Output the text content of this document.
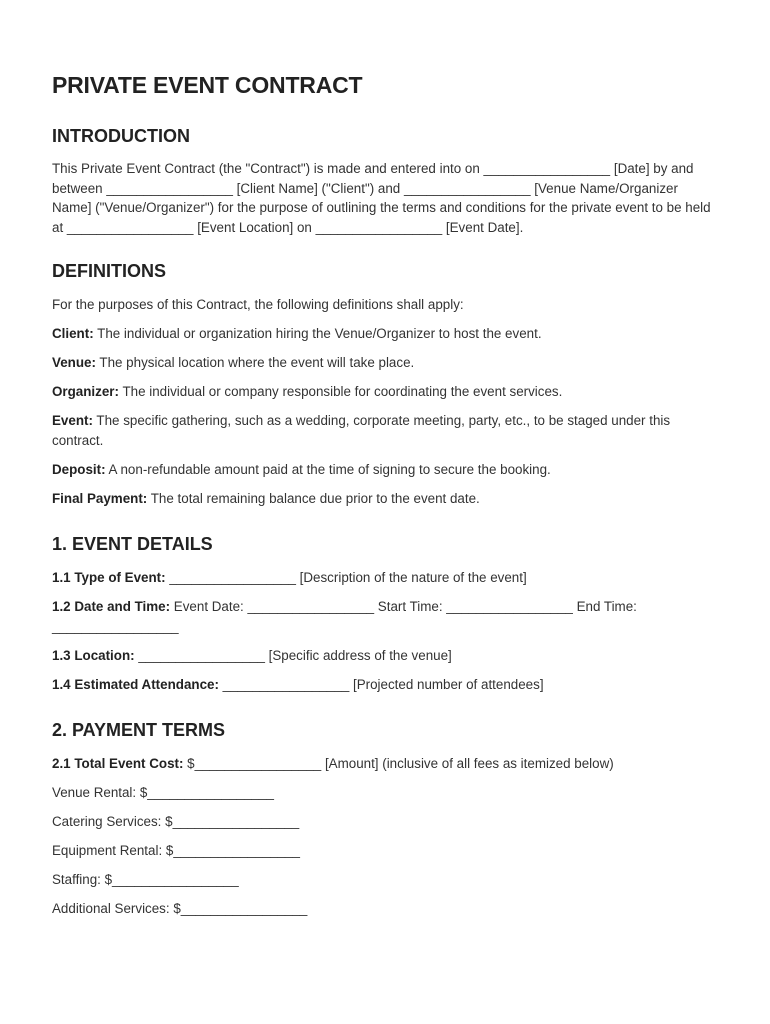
PRIVATE EVENT CONTRACT
INTRODUCTION

This Private Event Contract (the "Contract") is made and entered into on _________________ [Date] by and between _________________ [Client Name] ("Client") and _________________ [Venue Name/Organizer Name] ("Venue/Organizer") for the purpose of outlining the terms and conditions for the private event to be held at _________________ [Event Location] on _________________ [Event Date].

DEFINITIONS

For the purposes of this Contract, the following definitions shall apply:

Client: The individual or organization hiring the Venue/Organizer to host the event.

Venue: The physical location where the event will take place.

Organizer: The individual or company responsible for coordinating the event services.

Event: The specific gathering, such as a wedding, corporate meeting, party, etc., to be staged under this contract.

Deposit: A non-refundable amount paid at the time of signing to secure the booking.

Final Payment: The total remaining balance due prior to the event date.

1. EVENT DETAILS

1.1 Type of Event: _________________ [Description of the nature of the event]

1.2 Date and Time: Event Date: _________________ Start Time: _________________ End Time: _________________

1.3 Location: _________________ [Specific address of the venue]

1.4 Estimated Attendance: _________________ [Projected number of attendees]

2. PAYMENT TERMS

2.1 Total Event Cost: $_________________ [Amount] (inclusive of all fees as itemized below)

Venue Rental: $_________________

Catering Services: $_________________

Equipment Rental: $_________________

Staffing: $_________________

Additional Services: $_________________
